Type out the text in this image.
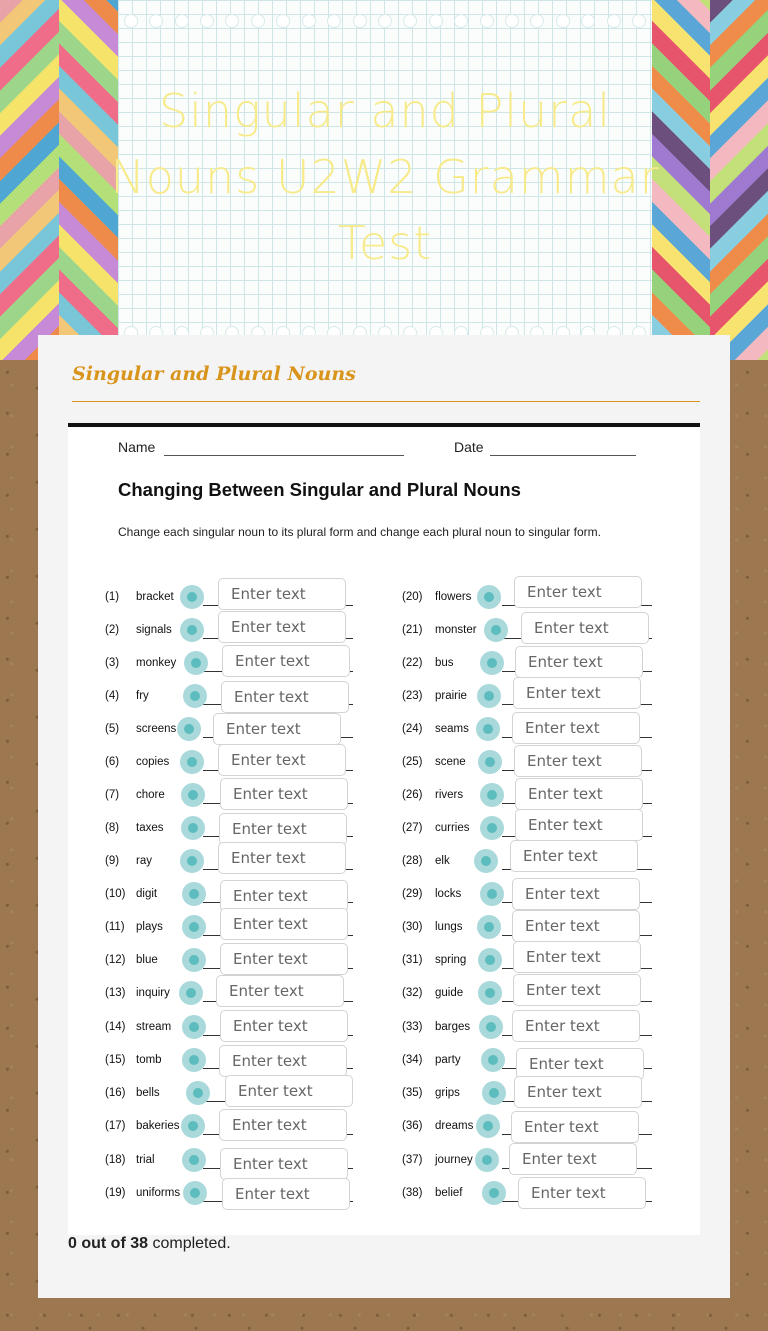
Singular and Plural Nouns U2W2 Grammar Test
Singular and Plural Nouns
Name	Date
Changing Between Singular and Plural Nouns
Change each singular noun to its plural form and change each plural noun to singular form.
(1) bracket
Enter text
(2) signals
Enter text
(3) monkey
Enter text
(4) fry
Enter text
(5) screens
Enter text
(6) copies
Enter text
(7) chore
Enter text
(8) taxes
Enter text
(9) ray
Enter text
(10) digit
Enter text
(11) plays
Enter text
(12) blue
Enter text
(13) inquiry
Enter text
(14) stream
Enter text
(15) tomb
Enter text
(16) bells
Enter text
(17) bakeries
Enter text
(18) trial
Enter text
(19) uniforms
Enter text
(20) flowers
Enter text
(21) monster
Enter text
(22) bus
Enter text
(23) prairie
Enter text
(24) seams
Enter text
(25) scene
Enter text
(26) rivers
Enter text
(27) curries
Enter text
(28) elk
Enter text
(29) locks
Enter text
(30) lungs
Enter text
(31) spring
Enter text
(32) guide
Enter text
(33) barges
Enter text
(34) party
Enter text
(35) grips
Enter text
(36) dreams
Enter text
(37) journey
Enter text
(38) belief
Enter text
0 out of 38 completed.
